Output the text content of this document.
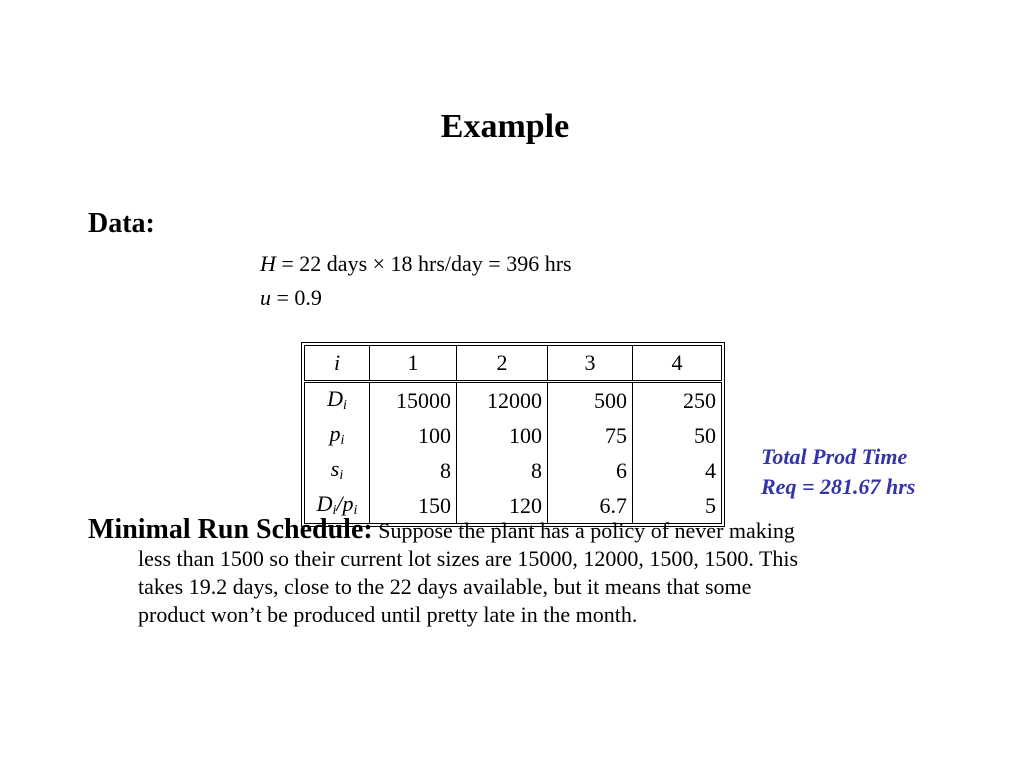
Example
Data:
H = 22 days × 18 hrs/day = 396 hrs
u = 0.9
i	1	2	3	4
$D_i$	15000	12000	500	250
$p_i$	100	100	75	50
$s_i$	8	8	6	4
$D_i/p_i$	150	120	6.7	5
Total Prod Time
Req = 281.67 hrs
Minimal Run Schedule: Suppose the plant has a policy of never making
less than 1500 so their current lot sizes are 15000, 12000, 1500, 1500. This
takes 19.2 days, close to the 22 days available, but it means that some
product won’t be produced until pretty late in the month.
